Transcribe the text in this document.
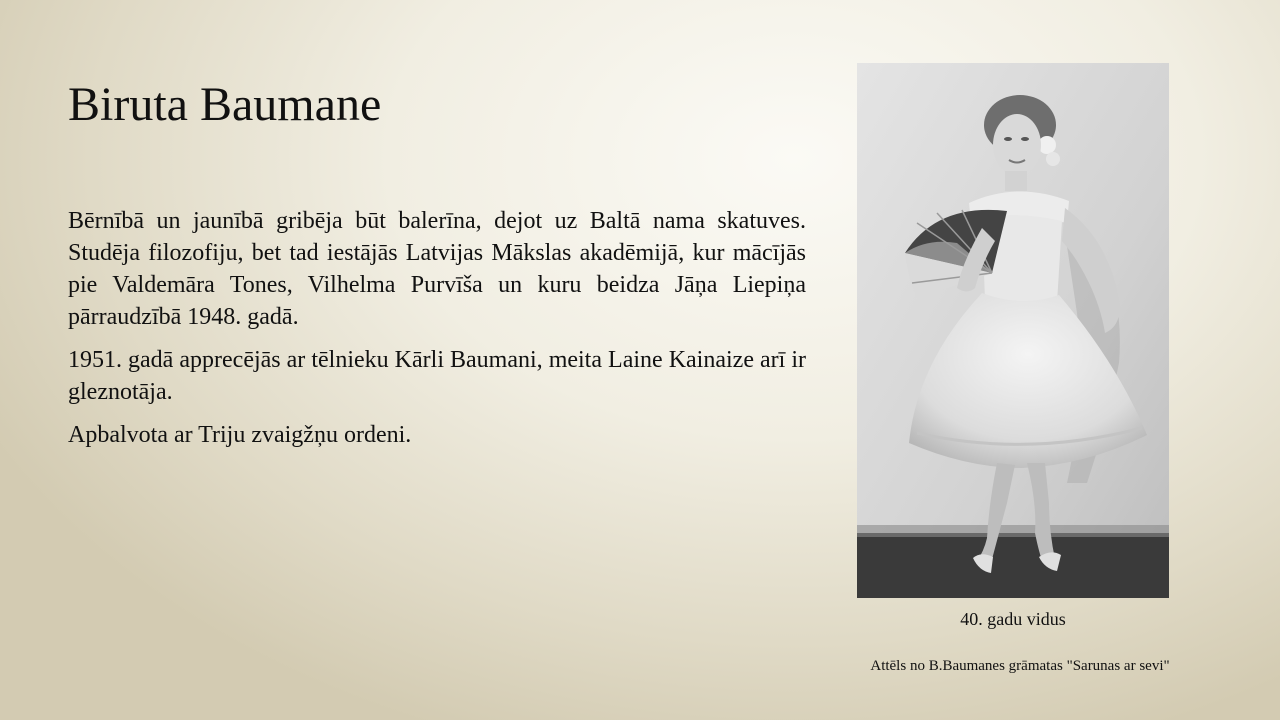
Biruta Baumane

Bērnībā un jaunībā gribēja būt balerīna, dejot uz Baltā nama skatuves. Studēja filozofiju, bet tad iestājās Latvijas Mākslas akadēmijā, kur mācījās pie Valdemāra Tones, Vilhelma Purvīša un kuru beidza Jāņa Liepiņa pārraudzībā 1948. gadā.

1951. gadā apprecējās ar tēlnieku Kārli Baumani, meita Laine Kainaize arī ir gleznotāja.

Apbalvota ar Triju zvaigžņu ordeni.

40. gadu vidus
Attēls no B.Baumanes grāmatas "Sarunas ar sevi"
